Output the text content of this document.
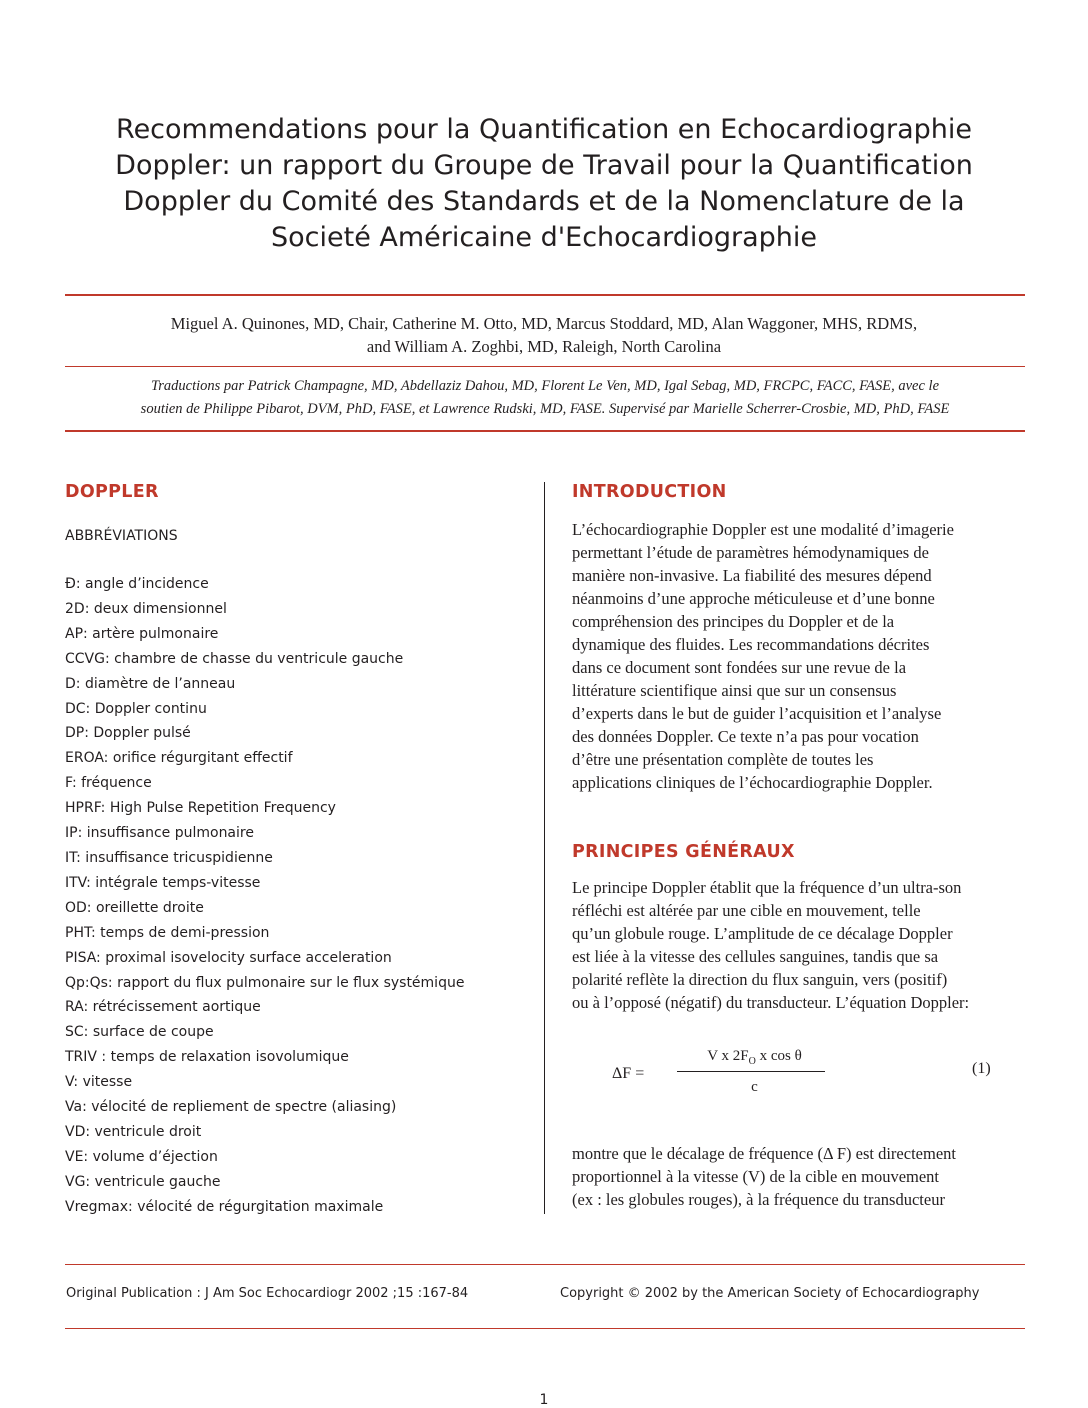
Recommendations pour la Quantification en Echocardiographie
Doppler: un rapport du Groupe de Travail pour la Quantification
Doppler du Comité des Standards et de la Nomenclature de la
Societé Américaine d'Echocardiographie
Miguel A. Quinones, MD, Chair, Catherine M. Otto, MD, Marcus Stoddard, MD, Alan Waggoner, MHS, RDMS,
and William A. Zoghbi, MD, Raleigh, North Carolina
Traductions par Patrick Champagne, MD, Abdellaziz Dahou, MD, Florent Le Ven, MD, Igal Sebag, MD, FRCPC, FACC, FASE, avec le
soutien de Philippe Pibarot, DVM, PhD, FASE, et Lawrence Rudski, MD, FASE. Supervisé par Marielle Scherrer-Crosbie, MD, PhD, FASE
DOPPLER
ABBRÉVIATIONS
Ð: angle d’incidence
2D: deux dimensionnel
AP: artère pulmonaire
CCVG: chambre de chasse du ventricule gauche
D: diamètre de l’anneau
DC: Doppler continu
DP: Doppler pulsé
EROA: orifice régurgitant effectif
F: fréquence
HPRF: High Pulse Repetition Frequency
IP: insuffisance pulmonaire
IT: insuffisance tricuspidienne
ITV: intégrale temps-vitesse
OD: oreillette droite
PHT: temps de demi-pression
PISA: proximal isovelocity surface acceleration
Qp:Qs: rapport du flux pulmonaire sur le flux systémique
RA: rétrécissement aortique
SC: surface de coupe
TRIV : temps de relaxation isovolumique
V: vitesse
Va: vélocité de repliement de spectre (aliasing)
VD: ventricule droit
VE: volume d’éjection
VG: ventricule gauche
Vregmax: vélocité de régurgitation maximale
INTRODUCTION
L’échocardiographie Doppler est une modalité d’imagerie
permettant l’étude de paramètres hémodynamiques de
manière non-invasive. La fiabilité des mesures dépend
néanmoins d’une approche méticuleuse et d’une bonne
compréhension des principes du Doppler et de la
dynamique des fluides. Les recommandations décrites
dans ce document sont fondées sur une revue de la
littérature scientifique ainsi que sur un consensus
d’experts dans le but de guider l’acquisition et l’analyse
des données Doppler. Ce texte n’a pas pour vocation
d’être une présentation complète de toutes les
applications cliniques de l’échocardiographie Doppler.
PRINCIPES GÉNÉRAUX
Le principe Doppler établit que la fréquence d’un ultra-son
réfléchi est altérée par une cible en mouvement, telle
qu’un globule rouge. L’amplitude de ce décalage Doppler
est liée à la vitesse des cellules sanguines, tandis que sa
polarité reflète la direction du flux sanguin, vers (positif)
ou à l’opposé (négatif) du transducteur. L’équation Doppler:
ΔF =
V x $2F_O$ x cos θ
c
(1)
montre que le décalage de fréquence (Δ F) est directement
proportionnel à la vitesse (V) de la cible en mouvement
(ex : les globules rouges), à la fréquence du transducteur
Original Publication : J Am Soc Echocardiogr 2002 ;15 :167-84	Copyright © 2002 by the American Society of Echocardiography
1
